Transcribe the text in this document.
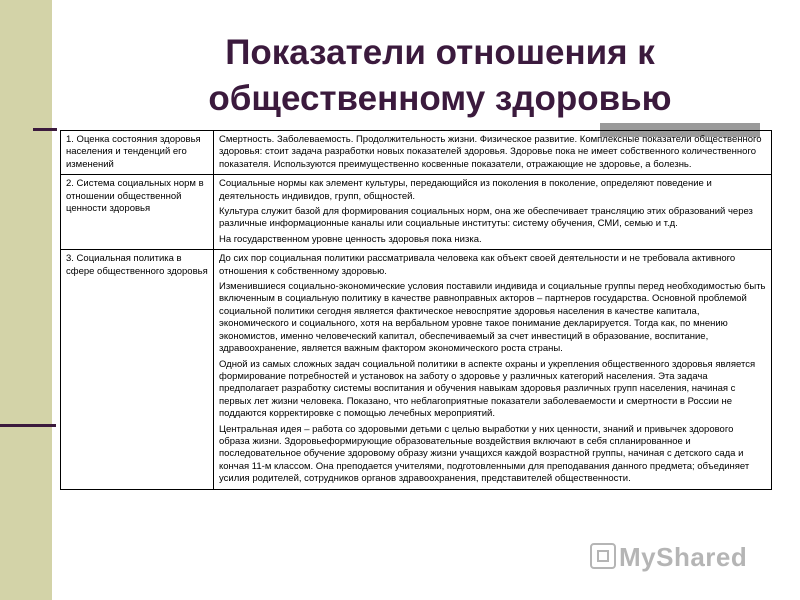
Показатели отношения к
общественному здоровью
1. Оценка состояния здоровья населения и тенденций его изменений	Смертность. Заболеваемость. Продолжительность жизни. Физическое развитие. Комплексные показатели общественного здоровья: стоит задача разработки новых показателей здоровья. Здоровье пока не имеет собственного количественного показателя. Используются преимущественно косвенные показатели, отражающие не здоровье, а болезнь.

2. Система социальных норм в отношении общественной ценности здоровья	Социальные нормы как элемент культуры, передающийся из поколения в поколение, определяют поведение и деятельность индивидов, групп, общностей.

Культура служит базой для формирования социальных норм, она же обеспечивает трансляцию этих образований через различные информационные каналы или социальные институты: систему обучения, СМИ, семью и т.д.

На государственном уровне ценность здоровья пока низка.

3. Социальная политика в сфере общественного здоровья	До сих пор социальная политики рассматривала человека как объект своей деятельности и не требовала активного отношения к собственному здоровью.

Изменившиеся социально-экономические условия поставили индивида и социальные группы перед необходимостью быть включенным в социальную политику в качестве равноправных акторов – партнеров государства. Основной проблемой социальной политики сегодня является фактическое невоспрятие здоровья населения в качестве капитала, экономического и социального, хотя на вербальном уровне такое понимание декларируется. Тогда как, по мнению экономистов, именно человеческий капитал, обеспечиваемый за счет инвестиций в образование, воспитание, здравоохранение, является важным фактором экономического роста страны.

Одной из самых сложных задач социальной политики в аспекте охраны и укрепления общественного здоровья является формирование потребностей и установок на заботу о здоровье у различных категорий населения. Эта задача предполагает разработку системы воспитания и обучения навыкам здоровья различных групп населения, начиная с первых лет жизни человека. Показано, что неблагоприятные показатели заболеваемости и смертности в России не поддаются корректировке с помощью лечебных мероприятий.

Центральная идея – работа со здоровыми детьми с целью выработки у них ценности, знаний и привычек здорового образа жизни. Здоровьеформирующие образовательные воздействия включают в себя спланированное и последовательное обучение здоровому образу жизни учащихся каждой возрастной группы, начиная с детского сада и кончая 11-м классом. Она преподается учителями, подготовленными для преподавания данного предмета; объединяет усилия родителей, сотрудников органов здравоохранения, представителей общественности.

MyShared
